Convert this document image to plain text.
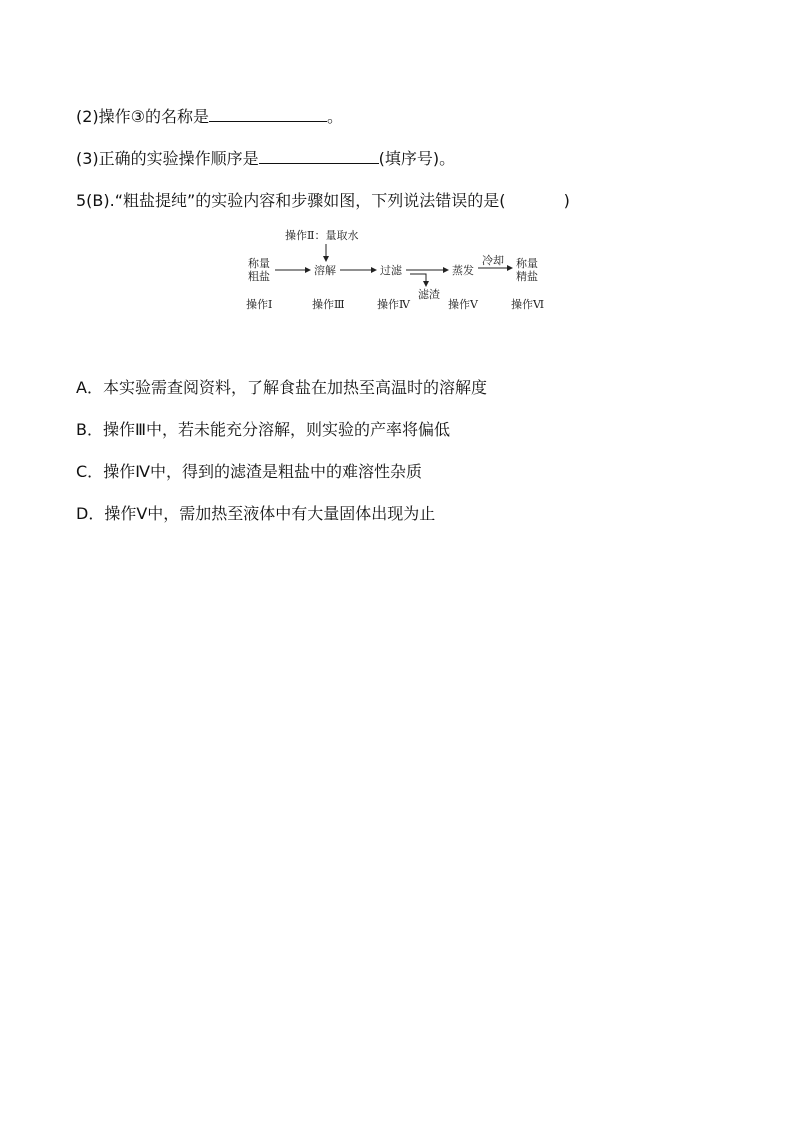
(2)操作③的名称是	。
(3)正确的实验操作顺序是	(填序号)。
5(B).“粗盐提纯”的实验内容和步骤如图，下列说法错误的是(	)
操作Ⅱ：量取水
称量
粗盐	溶解	过滤
滤渣
蒸发
冷却 称量
精盐
操作Ⅰ	操作Ⅲ	操作Ⅳ	操作Ⅴ	操作Ⅵ
A．本实验需查阅资料，了解食盐在加热至高温时的溶解度
B．操作Ⅲ中，若未能充分溶解，则实验的产率将偏低
C．操作Ⅳ中，得到的滤渣是粗盐中的难溶性杂质
D．操作Ⅴ中，需加热至液体中有大量固体出现为止
